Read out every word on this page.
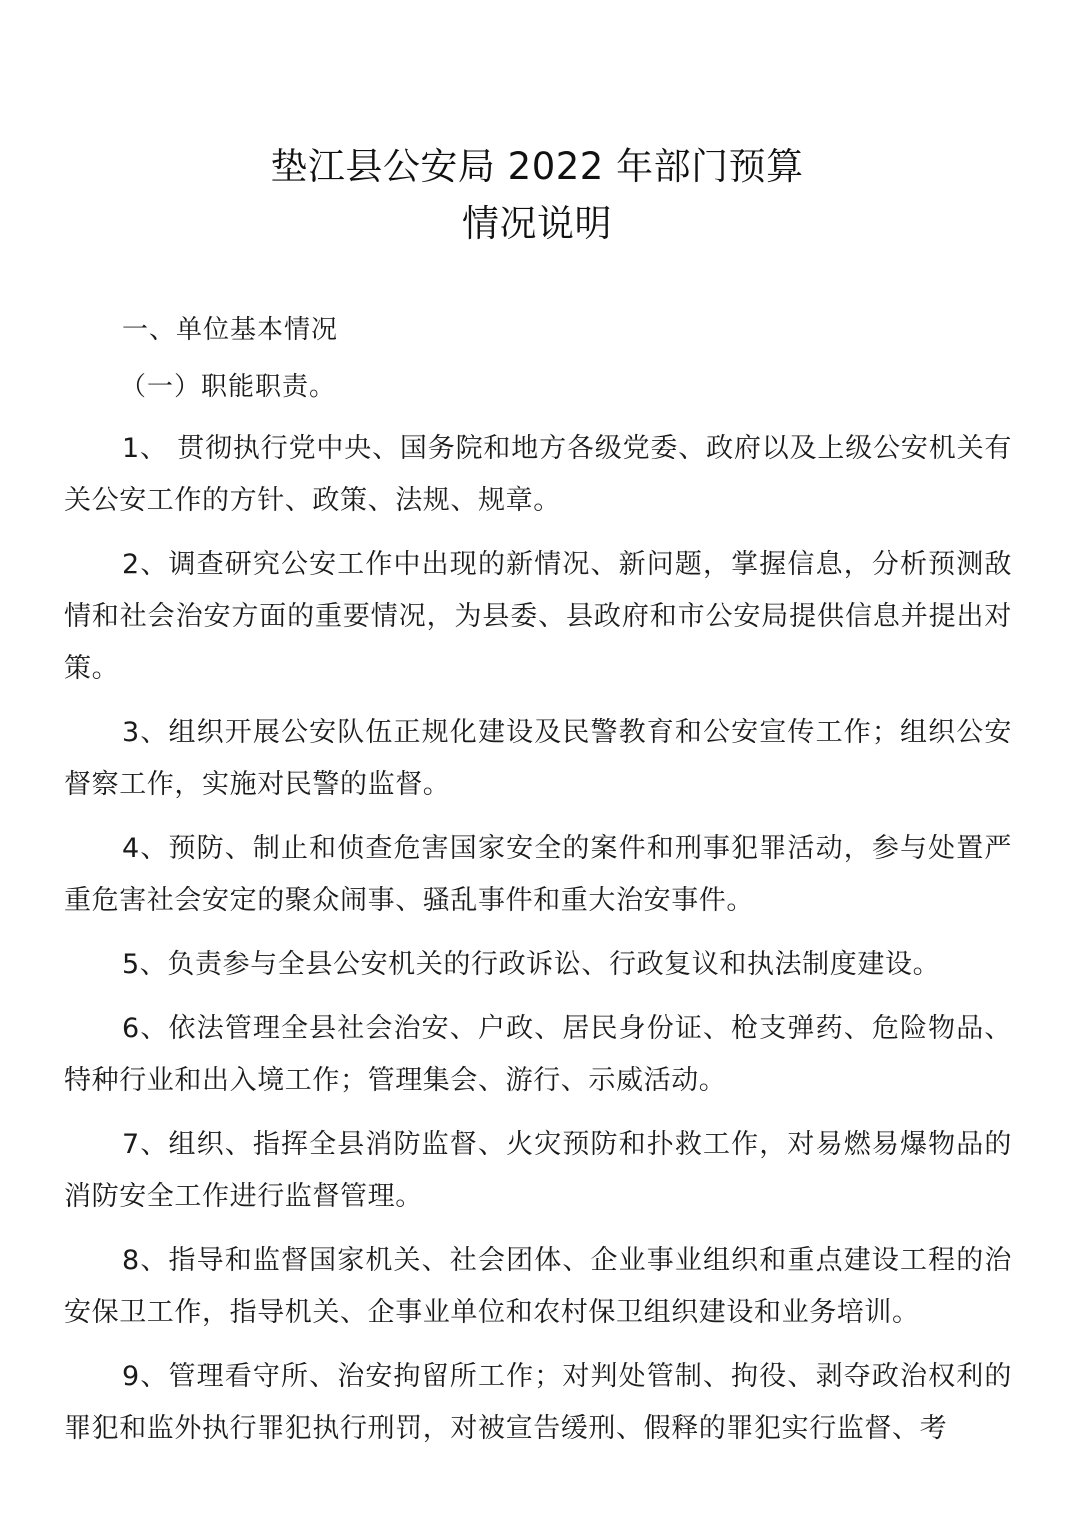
垫江县公安局 2022 年部门预算
情况说明
一、单位基本情况
（一）职能职责。

1、 贯彻执行党中央、国务院和地方各级党委、政府以及上级公安机关有关公安工作的方针、政策、法规、规章。

2、调查研究公安工作中出现的新情况、新问题，掌握信息，分析预测敌情和社会治安方面的重要情况，为县委、县政府和市公安局提供信息并提出对策。

3、组织开展公安队伍正规化建设及民警教育和公安宣传工作；组织公安督察工作，实施对民警的监督。

4、预防、制止和侦查危害国家安全的案件和刑事犯罪活动，参与处置严重危害社会安定的聚众闹事、骚乱事件和重大治安事件。

5、负责参与全县公安机关的行政诉讼、行政复议和执法制度建设。

6、依法管理全县社会治安、户政、居民身份证、枪支弹药、危险物品、特种行业和出入境工作；管理集会、游行、示威活动。

7、组织、指挥全县消防监督、火灾预防和扑救工作，对易燃易爆物品的消防安全工作进行监督管理。

8、指导和监督国家机关、社会团体、企业事业组织和重点建设工程的治安保卫工作，指导机关、企事业单位和农村保卫组织建设和业务培训。

9、管理看守所、治安拘留所工作；对判处管制、拘役、剥夺政治权利的罪犯和监外执行罪犯执行刑罚，对被宣告缓刑、假释的罪犯实行监督、考
